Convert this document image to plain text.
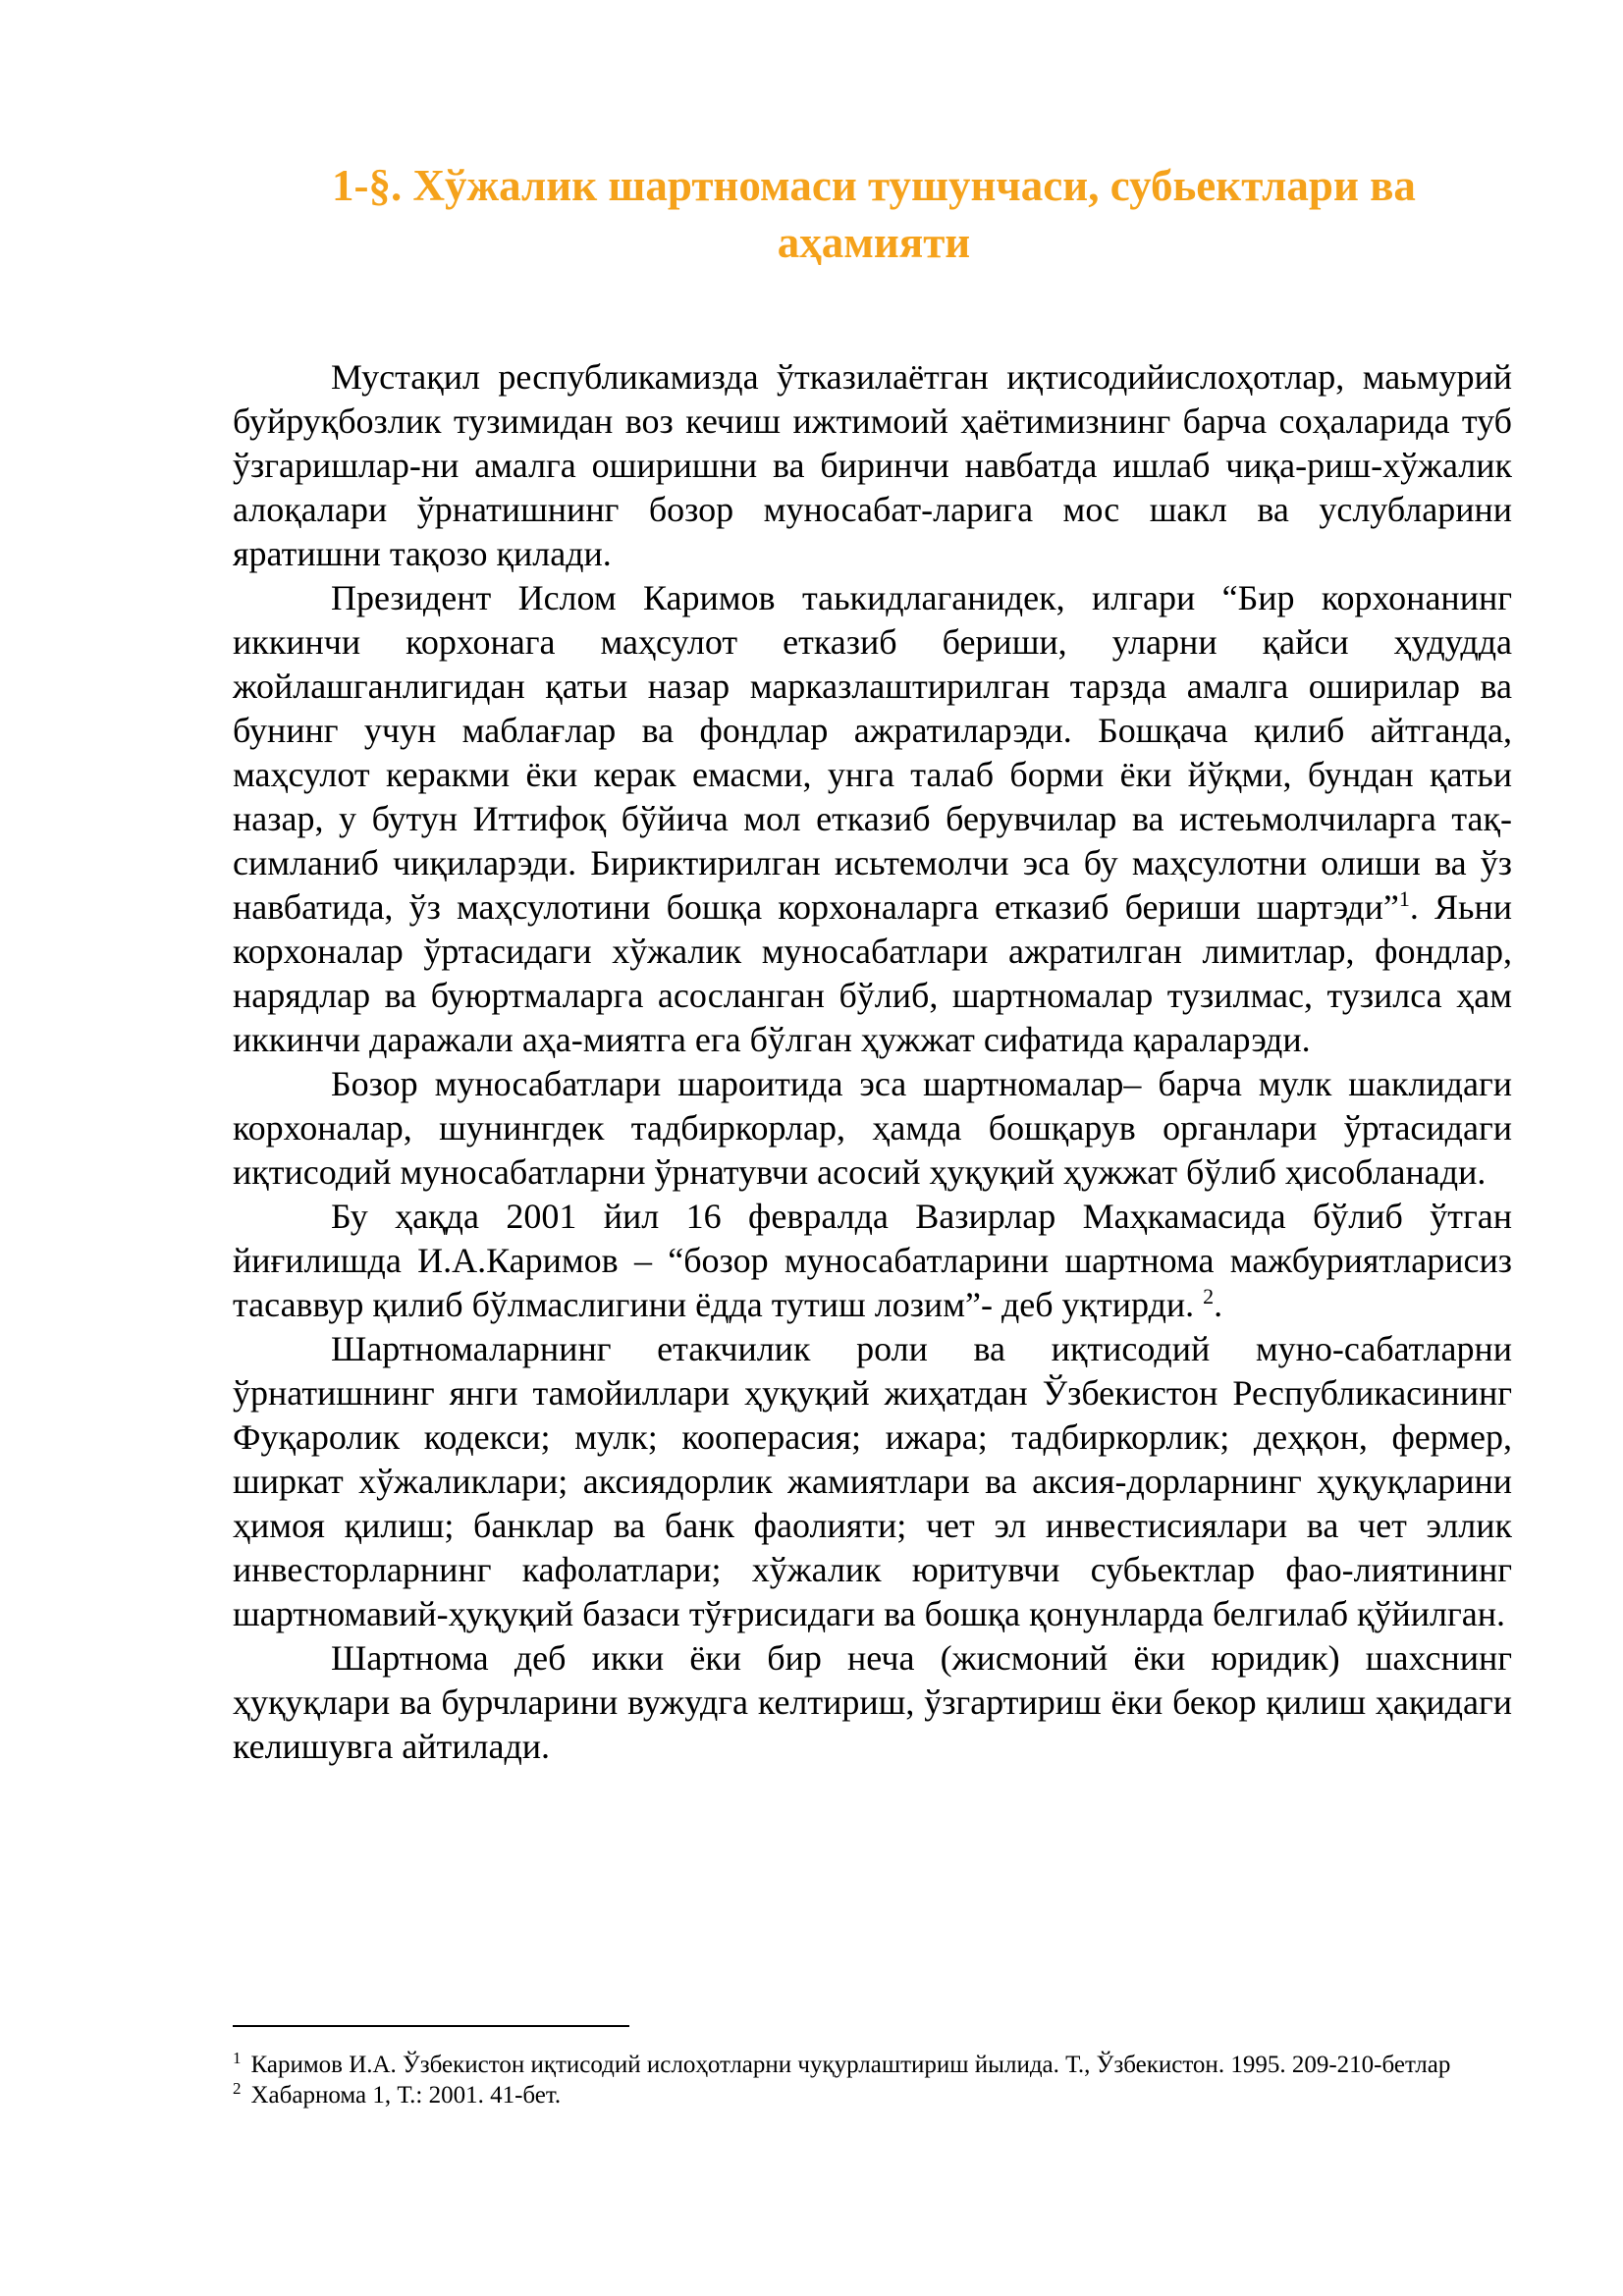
1-§. Хўжалик шартномаси тушунчаси, субьектлари ва
аҳамияти

Мустақил республикамизда ўтказилаётган иқтисодийислоҳотлар, маьмурий буйруқбозлик тузимидан воз кечиш ижтимоий ҳаётимизнинг барча соҳаларида туб ўзгаришлар-ни амалга оширишни ва биринчи навбатда ишлаб чиқа-риш-хўжалик алоқалари ўрнатишнинг бозор муносабат-ларига мос шакл ва услубларини яратишни тақозо қилади.

Президент Ислом Каримов таькидлаганидек, илгари “Бир корхонанинг иккинчи корхонага маҳсулот етказиб бериши, уларни қайси ҳудудда жойлашганлигидан қатьи назар марказлаштирилган тарзда амалга оширилар ва бунинг учун маблағлар ва фондлар ажратиларэди. Бошқача қилиб айтганда, маҳсулот керакми ёки керак емасми, унга талаб борми ёки йўқми, бундан қатьи назар, у бутун Иттифоқ бўйича мол етказиб берувчилар ва истеьмолчиларга тақ-симланиб чиқиларэди. Бириктирилган исьтемолчи эса бу маҳсулотни олиши ва ўз навбатида, ўз маҳсулотини бошқа корхоналарга етказиб бериши шартэди”$^1$. Яьни корхоналар ўртасидаги хўжалик муносабатлари ажратилган лимитлар, фондлар, нарядлар ва буюртмаларга асосланган бўлиб, шартномалар тузилмас, тузилса ҳам иккинчи даражали аҳа-миятга ега бўлган ҳужжат сифатида қараларэди.

Бозор муносабатлари шароитида эса шартномалар– барча мулк шаклидаги корхоналар, шунингдек тадбиркорлар, ҳамда бошқарув органлари ўртасидаги иқтисодий муносабатларни ўрнатувчи асосий ҳуқуқий ҳужжат бўлиб ҳисобланади.

Бу ҳақда 2001 йил 16 февралда Вазирлар Маҳкамасида бўлиб ўтган йиғилишда И.А.Каримов – “бозор муносабатларини шартнома мажбуриятларисиз тасаввур қилиб бўлмаслигини ёдда тутиш лозим”- деб уқтирди. $^2$.

Шартномаларнинг етакчилик роли ва иқтисодий муно-сабатларни ўрнатишнинг янги тамойиллари ҳуқуқий жиҳатдан Ўзбекистон Республикасининг Фуқаролик кодекси; мулк; кооперасия; ижара; тадбиркорлик; деҳқон, фермер, ширкат хўжаликлари; аксиядорлик жамиятлари ва аксия-дорларнинг ҳуқуқларини ҳимоя қилиш; банклар ва банк фаолияти; чет эл инвестисиялари ва чет эллик инвесторларнинг кафолатлари; хўжалик юритувчи субьектлар фао-лиятининг шартномавий-ҳуқуқий базаси тўғрисидаги ва бошқа қонунларда белгилаб қўйилган.

Шартнома деб икки ёки бир неча (жисмоний ёки юридик) шахснинг ҳуқуқлари ва бурчларини вужудга келтириш, ўзгартириш ёки бекор қилиш ҳақидаги келишувга айтилади.

$^1$ Каримов И.А. Ўзбекистон иқтисодий ислоҳотларни чуқурлаштириш йылида. Т., Ўзбекистон. 1995. 209-210-бетлар

$^2$ Хабарнома 1, Т.: 2001. 41-бет.
